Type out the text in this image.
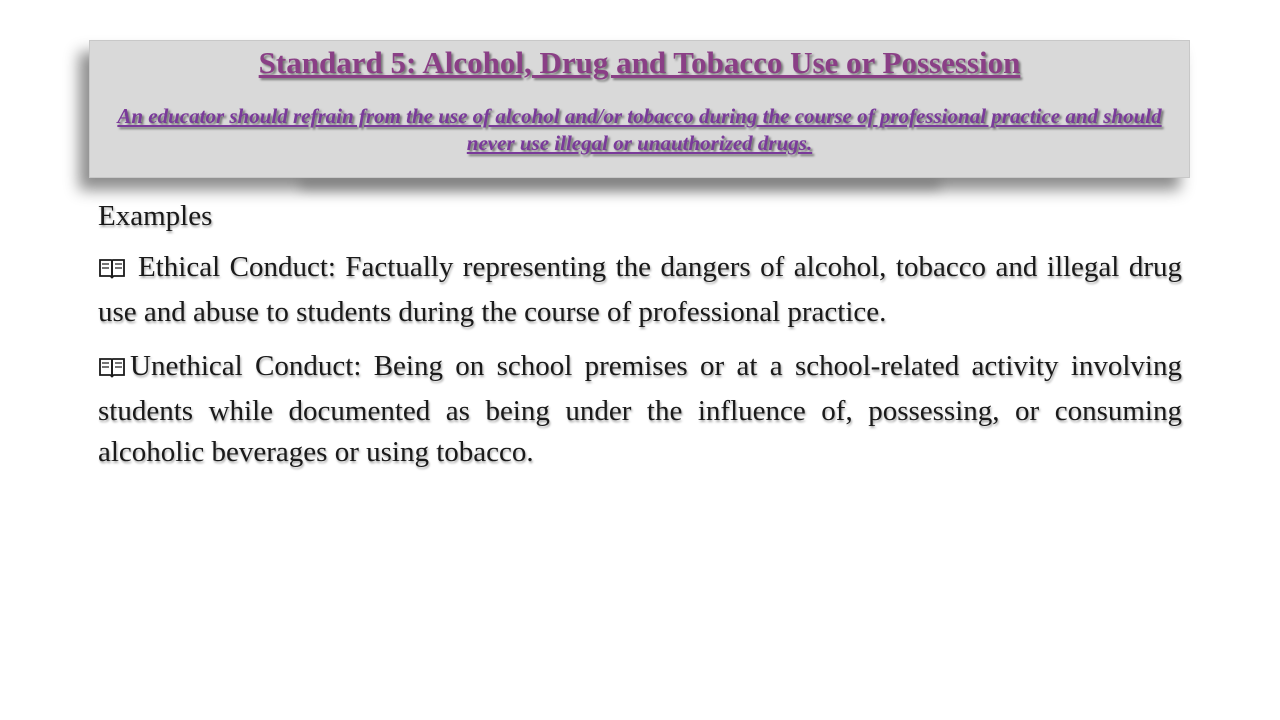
Standard 5: Alcohol, Drug and Tobacco Use or Possession
An educator should refrain from the use of alcohol and/or tobacco during the course of professional practice and should never use illegal or unauthorized drugs.
Examples
Ethical Conduct: Factually representing the dangers of alcohol, tobacco and illegal drug use and abuse to students during the course of professional practice.
Unethical Conduct: Being on school premises or at a school-related activity involving students while documented as being under the influence of, possessing, or consuming alcoholic beverages or using tobacco.
